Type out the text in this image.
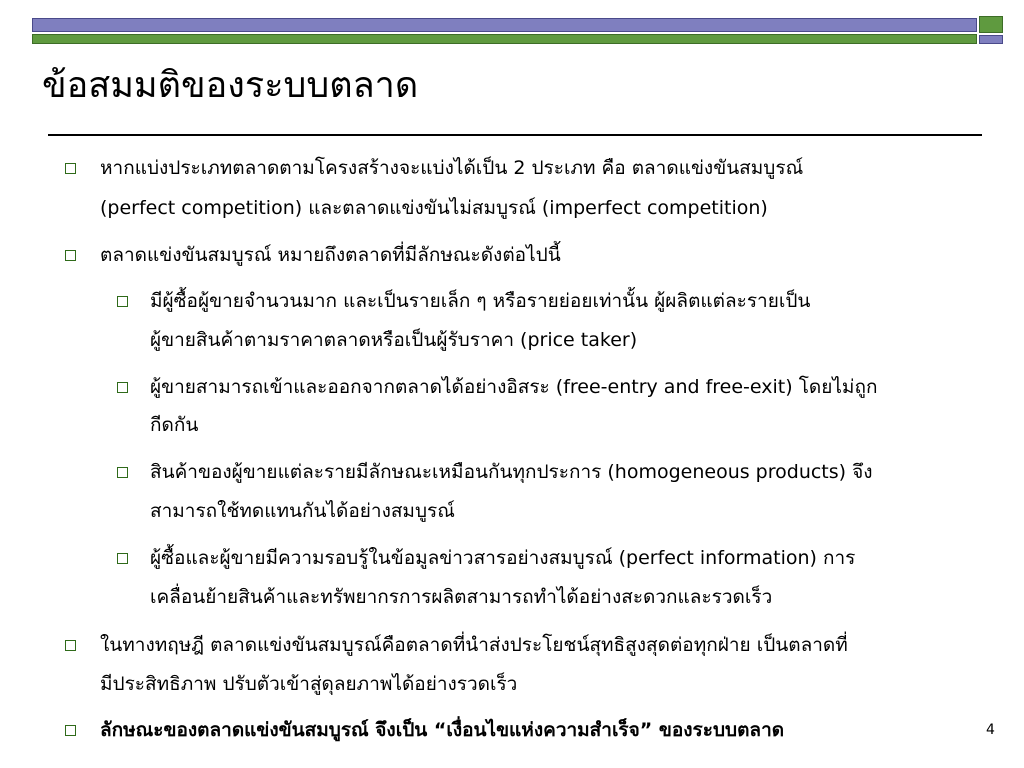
ข้อสมมติของระบบตลาด
หากแบ่งประเภทตลาดตามโครงสร้างจะแบ่งได้เป็น 2 ประเภท คือ ตลาดแข่งขันสมบูรณ์
(perfect competition) และตลาดแข่งขันไม่สมบูรณ์ (imperfect competition)
ตลาดแข่งขันสมบูรณ์ หมายถึงตลาดที่มีลักษณะดังต่อไปนี้
มีผู้ซื้อผู้ขายจำนวนมาก และเป็นรายเล็ก ๆ หรือรายย่อยเท่านั้น ผู้ผลิตแต่ละรายเป็น
ผู้ขายสินค้าตามราคาตลาดหรือเป็นผู้รับราคา (price taker)
ผู้ขายสามารถเข้าและออกจากตลาดได้อย่างอิสระ (free-entry and free-exit) โดยไม่ถูก
กีดกัน
สินค้าของผู้ขายแต่ละรายมีลักษณะเหมือนกันทุกประการ (homogeneous products) จึง
สามารถใช้ทดแทนกันได้อย่างสมบูรณ์
ผู้ซื้อและผู้ขายมีความรอบรู้ในข้อมูลข่าวสารอย่างสมบูรณ์ (perfect information) การ
เคลื่อนย้ายสินค้าและทรัพยากรการผลิตสามารถทำได้อย่างสะดวกและรวดเร็ว
ในทางทฤษฎี ตลาดแข่งขันสมบูรณ์คือตลาดที่นำส่งประโยชน์สุทธิสูงสุดต่อทุกฝ่าย เป็นตลาดที่
มีประสิทธิภาพ ปรับตัวเข้าสู่ดุลยภาพได้อย่างรวดเร็ว
ลักษณะของตลาดแข่งขันสมบูรณ์ จึงเป็น “เงื่อนไขแห่งความสำเร็จ” ของระบบตลาด	4
